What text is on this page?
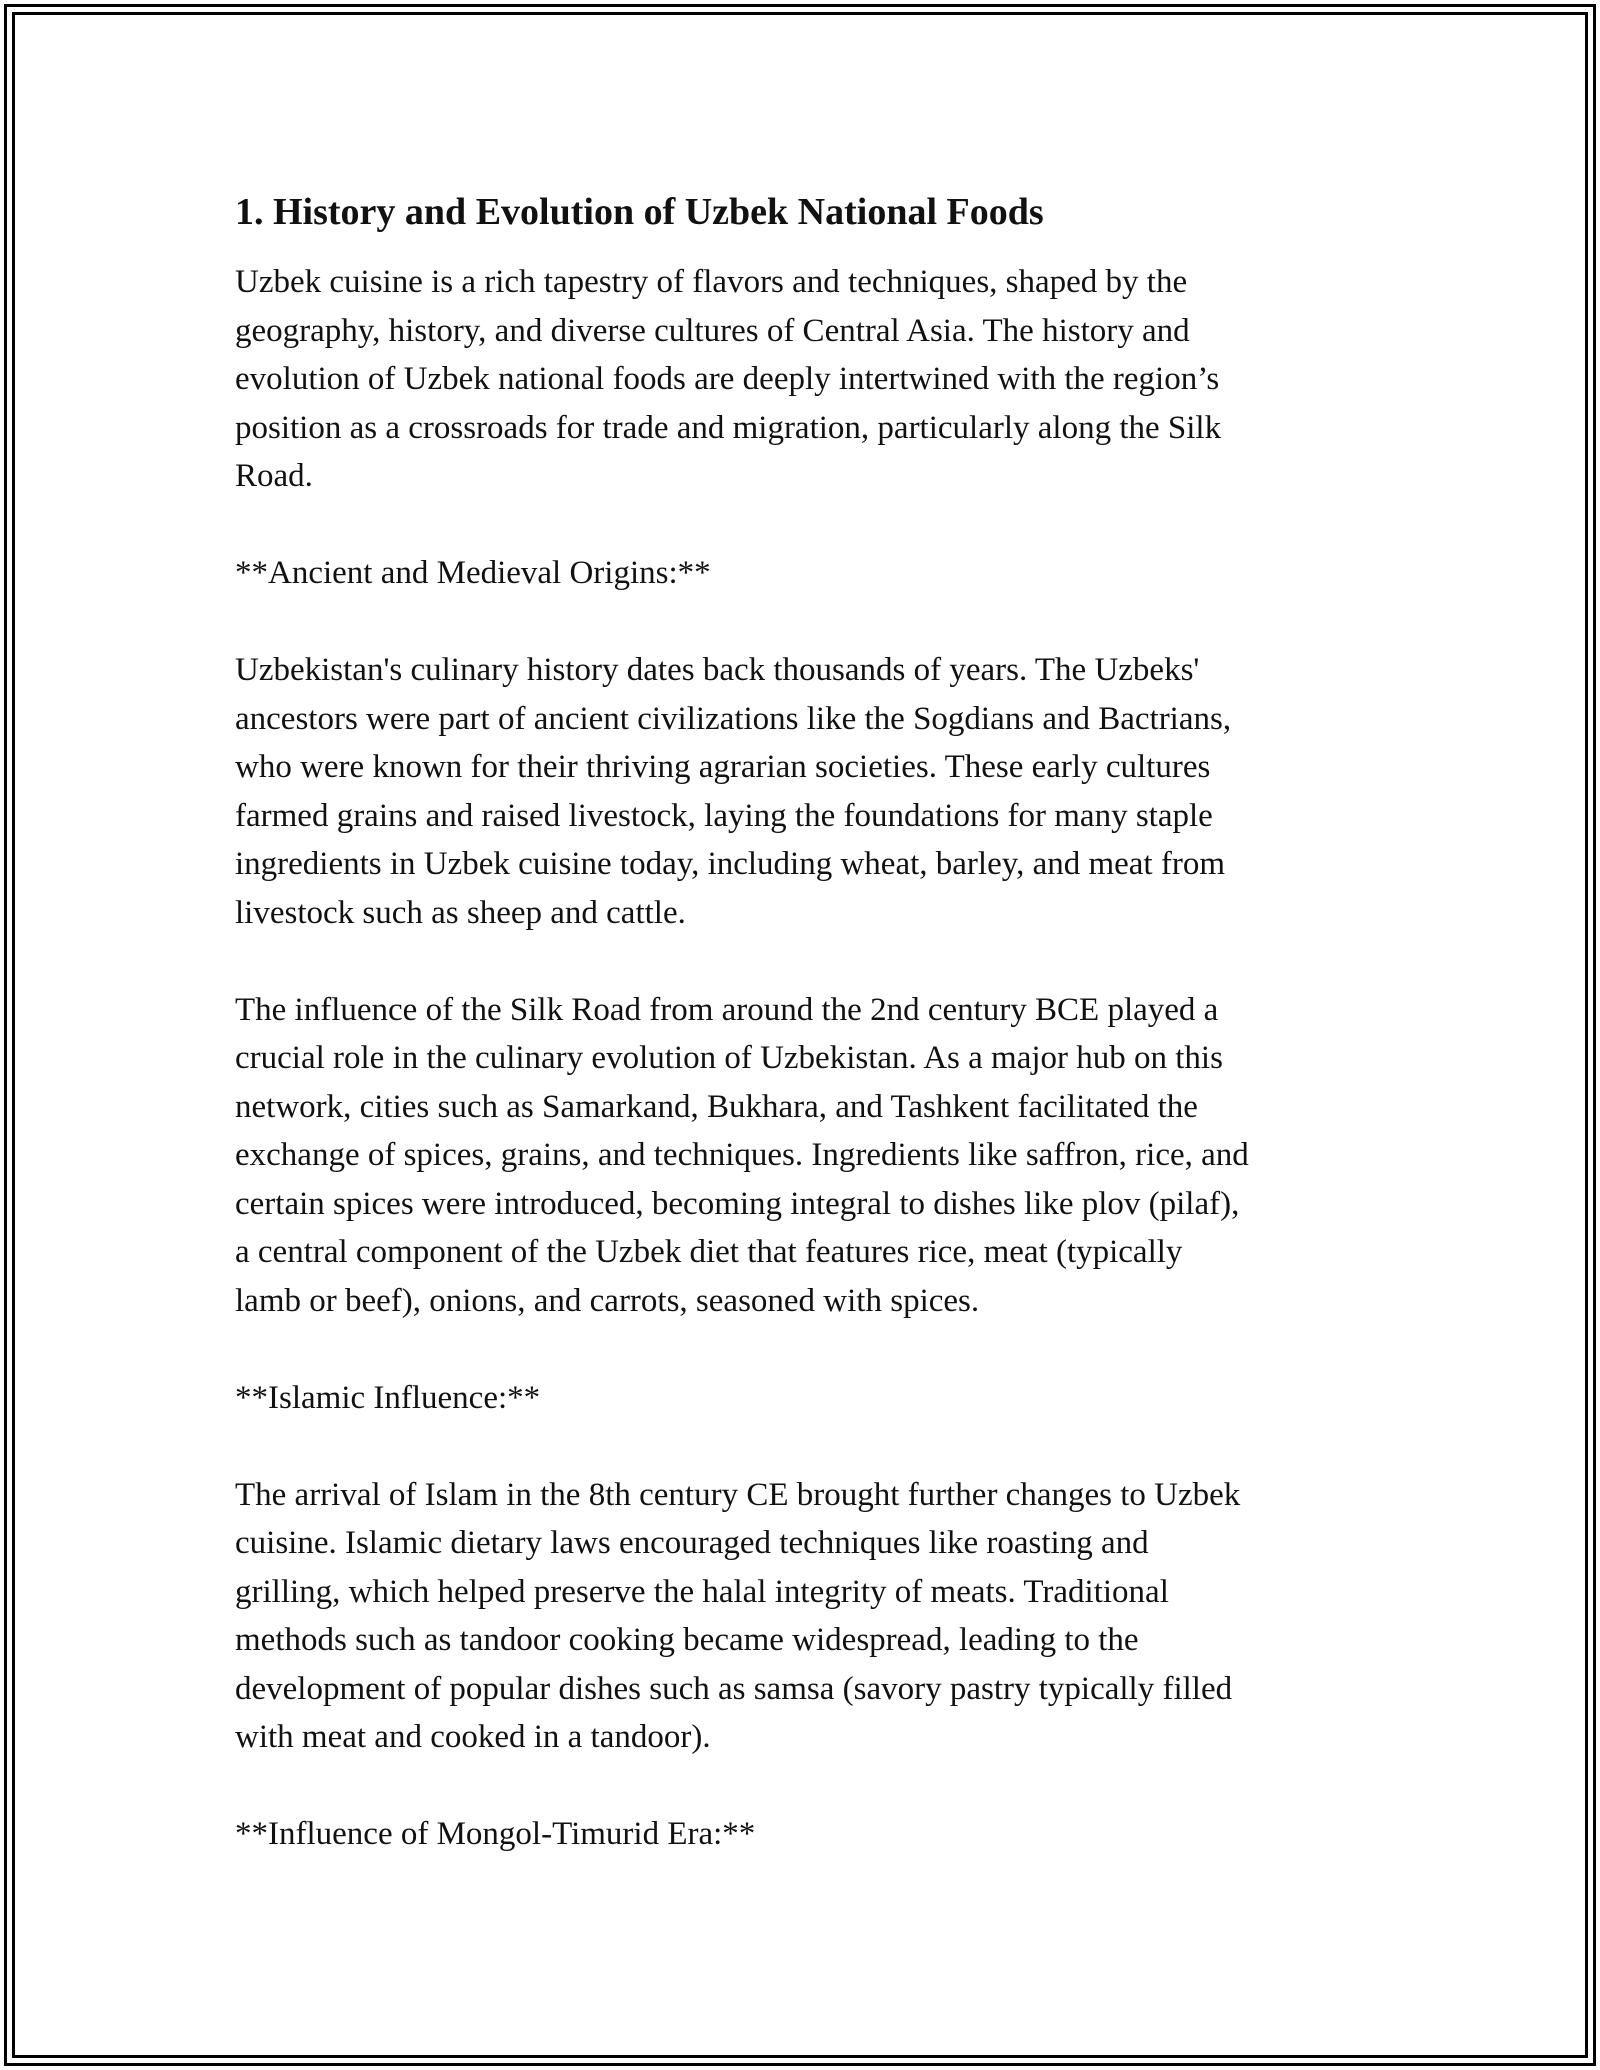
1. History and Evolution of Uzbek National Foods

Uzbek cuisine is a rich tapestry of flavors and techniques, shaped by the
geography, history, and diverse cultures of Central Asia. The history and
evolution of Uzbek national foods are deeply intertwined with the region’s
position as a crossroads for trade and migration, particularly along the Silk
Road.

**Ancient and Medieval Origins:**

Uzbekistan's culinary history dates back thousands of years. The Uzbeks'
ancestors were part of ancient civilizations like the Sogdians and Bactrians,
who were known for their thriving agrarian societies. These early cultures
farmed grains and raised livestock, laying the foundations for many staple
ingredients in Uzbek cuisine today, including wheat, barley, and meat from
livestock such as sheep and cattle.

The influence of the Silk Road from around the 2nd century BCE played a
crucial role in the culinary evolution of Uzbekistan. As a major hub on this
network, cities such as Samarkand, Bukhara, and Tashkent facilitated the
exchange of spices, grains, and techniques. Ingredients like saffron, rice, and
certain spices were introduced, becoming integral to dishes like plov (pilaf),
a central component of the Uzbek diet that features rice, meat (typically
lamb or beef), onions, and carrots, seasoned with spices.

**Islamic Influence:**

The arrival of Islam in the 8th century CE brought further changes to Uzbek
cuisine. Islamic dietary laws encouraged techniques like roasting and
grilling, which helped preserve the halal integrity of meats. Traditional
methods such as tandoor cooking became widespread, leading to the
development of popular dishes such as samsa (savory pastry typically filled
with meat and cooked in a tandoor).

**Influence of Mongol-Timurid Era:**
